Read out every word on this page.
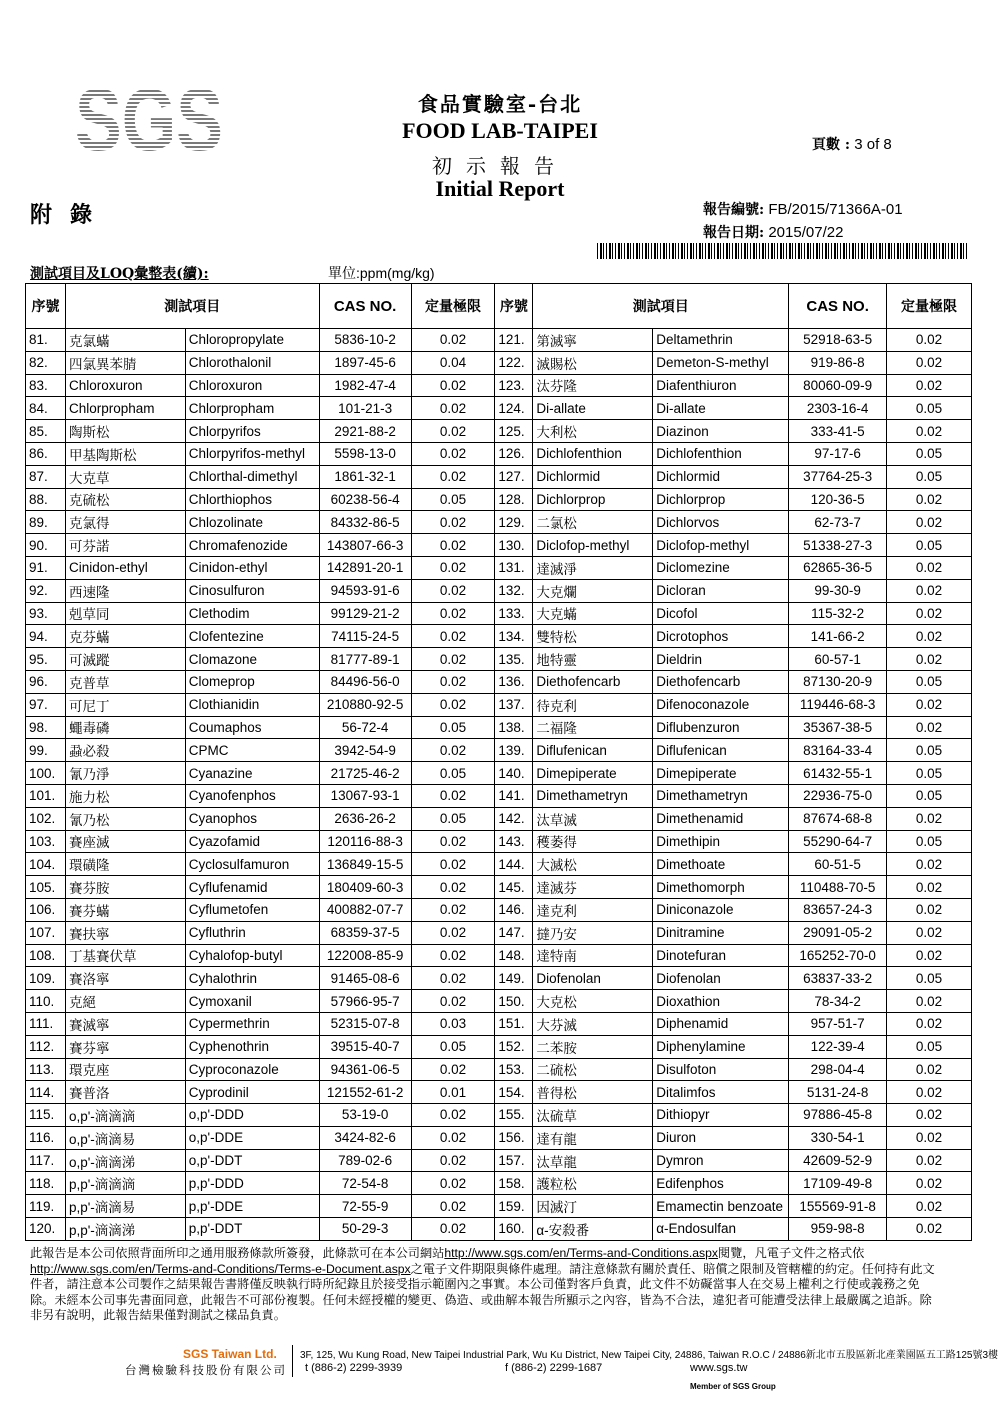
SGS	食品實驗室-台北
FOOD LAB-TAIPEI
初示報告
Initial Report
附錄
頁數 : 3 of 8
報告編號: FB/2015/71366A-01
報告日期: 2015/07/22
測試項目及LOQ彙整表(續):	單位:ppm(mg/kg)
序號	測試項目		CAS NO.	定量極限	序號	測試項目		CAS NO.	定量極限
81.	克氯蟎	Chloropropylate	5836-10-2	0.02	121.	第滅寧	Deltamethrin	52918-63-5	0.02
82.	四氯異苯腈	Chlorothalonil	1897-45-6	0.04	122.	滅賜松	Demeton-S-methyl	919-86-8	0.02
83.	Chloroxuron	Chloroxuron	1982-47-4	0.02	123.	汰芬隆	Diafenthiuron	80060-09-9	0.02
84.	Chlorpropham	Chlorpropham	101-21-3	0.02	124.	Di-allate	Di-allate	2303-16-4	0.05
85.	陶斯松	Chlorpyrifos	2921-88-2	0.02	125.	大利松	Diazinon	333-41-5	0.02
86.	甲基陶斯松	Chlorpyrifos-methyl	5598-13-0	0.02	126.	Dichlofenthion	Dichlofenthion	97-17-6	0.05
87.	大克草	Chlorthal-dimethyl	1861-32-1	0.02	127.	Dichlormid	Dichlormid	37764-25-3	0.05
88.	克硫松	Chlorthiophos	60238-56-4	0.05	128.	Dichlorprop	Dichlorprop	120-36-5	0.02
89.	克氯得	Chlozolinate	84332-86-5	0.02	129.	二氯松	Dichlorvos	62-73-7	0.02
90.	可芬諾	Chromafenozide	143807-66-3	0.02	130.	Diclofop-methyl	Diclofop-methyl	51338-27-3	0.05
91.	Cinidon-ethyl	Cinidon-ethyl	142891-20-1	0.02	131.	達滅淨	Diclomezine	62865-36-5	0.02
92.	西速隆	Cinosulfuron	94593-91-6	0.02	132.	大克爛	Dicloran	99-30-9	0.02
93.	剋草同	Clethodim	99129-21-2	0.02	133.	大克蟎	Dicofol	115-32-2	0.02
94.	克芬蟎	Clofentezine	74115-24-5	0.02	134.	雙特松	Dicrotophos	141-66-2	0.02
95.	可滅蹤	Clomazone	81777-89-1	0.02	135.	地特靈	Dieldrin	60-57-1	0.02
96.	克普草	Clomeprop	84496-56-0	0.02	136.	Diethofencarb	Diethofencarb	87130-20-9	0.05
97.	可尼丁	Clothianidin	210880-92-5	0.02	137.	待克利	Difenoconazole	119446-68-3	0.02
98.	蠅毒磷	Coumaphos	56-72-4	0.05	138.	二福隆	Diflubenzuron	35367-38-5	0.02
99.	蝨必殺	CPMC	3942-54-9	0.02	139.	Diflufenican	Diflufenican	83164-33-4	0.05
100.	氰乃淨	Cyanazine	21725-46-2	0.05	140.	Dimepiperate	Dimepiperate	61432-55-1	0.05
101.	施力松	Cyanofenphos	13067-93-1	0.02	141.	Dimethametryn	Dimethametryn	22936-75-0	0.05
102.	氰乃松	Cyanophos	2636-26-2	0.05	142.	汰草滅	Dimethenamid	87674-68-8	0.02
103.	賽座滅	Cyazofamid	120116-88-3	0.02	143.	穫萎得	Dimethipin	55290-64-7	0.05
104.	環磺隆	Cyclosulfamuron	136849-15-5	0.02	144.	大滅松	Dimethoate	60-51-5	0.02
105.	賽芬胺	Cyflufenamid	180409-60-3	0.02	145.	達滅芬	Dimethomorph	110488-70-5	0.02
106.	賽芬蟎	Cyflumetofen	400882-07-7	0.02	146.	達克利	Diniconazole	83657-24-3	0.02
107.	賽扶寧	Cyfluthrin	68359-37-5	0.02	147.	撻乃安	Dinitramine	29091-05-2	0.02
108.	丁基賽伏草	Cyhalofop-butyl	122008-85-9	0.02	148.	達特南	Dinotefuran	165252-70-0	0.02
109.	賽洛寧	Cyhalothrin	91465-08-6	0.02	149.	Diofenolan	Diofenolan	63837-33-2	0.05
110.	克絕	Cymoxanil	57966-95-7	0.02	150.	大克松	Dioxathion	78-34-2	0.02
111.	賽滅寧	Cypermethrin	52315-07-8	0.03	151.	大芬滅	Diphenamid	957-51-7	0.02
112.	賽芬寧	Cyphenothrin	39515-40-7	0.05	152.	二苯胺	Diphenylamine	122-39-4	0.05
113.	環克座	Cyproconazole	94361-06-5	0.02	153.	二硫松	Disulfoton	298-04-4	0.02
114.	賽普洛	Cyprodinil	121552-61-2	0.01	154.	普得松	Ditalimfos	5131-24-8	0.02
115.	o,p'-滴滴滴	o,p'-DDD	53-19-0	0.02	155.	汰硫草	Dithiopyr	97886-45-8	0.02
116.	o,p'-滴滴易	o,p'-DDE	3424-82-6	0.02	156.	達有龍	Diuron	330-54-1	0.02
117.	o,p'-滴滴涕	o,p'-DDT	789-02-6	0.02	157.	汰草龍	Dymron	42609-52-9	0.02
118.	p,p'-滴滴滴	p,p'-DDD	72-54-8	0.02	158.	護粒松	Edifenphos	17109-49-8	0.02
119.	p,p'-滴滴易	p,p'-DDE	72-55-9	0.02	159.	因滅汀	Emamectin benzoate	155569-91-8	0.02
120.	p,p'-滴滴涕	p,p'-DDT	50-29-3	0.02	160.	α-安殺番	α-Endosulfan	959-98-8	0.02
此報告是本公司依照背面所印之通用服務條款所簽發，此條款可在本公司網站http://www.sgs.com/en/Terms-and-Conditions.aspx閱覽，凡電子文件之格式依http://www.sgs.com/en/Terms-and-Conditions/Terms-e-Document.aspx之電子文件期限與條件處理。請注意條款有關於責任、賠償之限制及管轄權的約定。任何持有此文件者，請注意本公司製作之結果報告書將僅反映執行時所紀錄且於接受指示範圍內之事實。本公司僅對客戶負責，此文件不妨礙當事人在交易上權利之行使或義務之免除。未經本公司事先書面同意，此報告不可部份複製。任何未經授權的變更、偽造、或曲解本報告所顯示之內容，皆為不合法，違犯者可能遭受法律上最嚴厲之追訴。除非另有說明，此報告結果僅對測試之樣品負責。
SGS Taiwan Ltd.
台灣檢驗科技股份有限公司
3F, 125, Wu Kung Road, New Taipei Industrial Park, Wu Ku District, New Taipei City, 24886, Taiwan R.O.C / 24886新北市五股區新北產業園區五工路125號3樓
t (886-2) 2299-3939	f (886-2) 2299-1687	www.sgs.tw
Member of SGS Group
